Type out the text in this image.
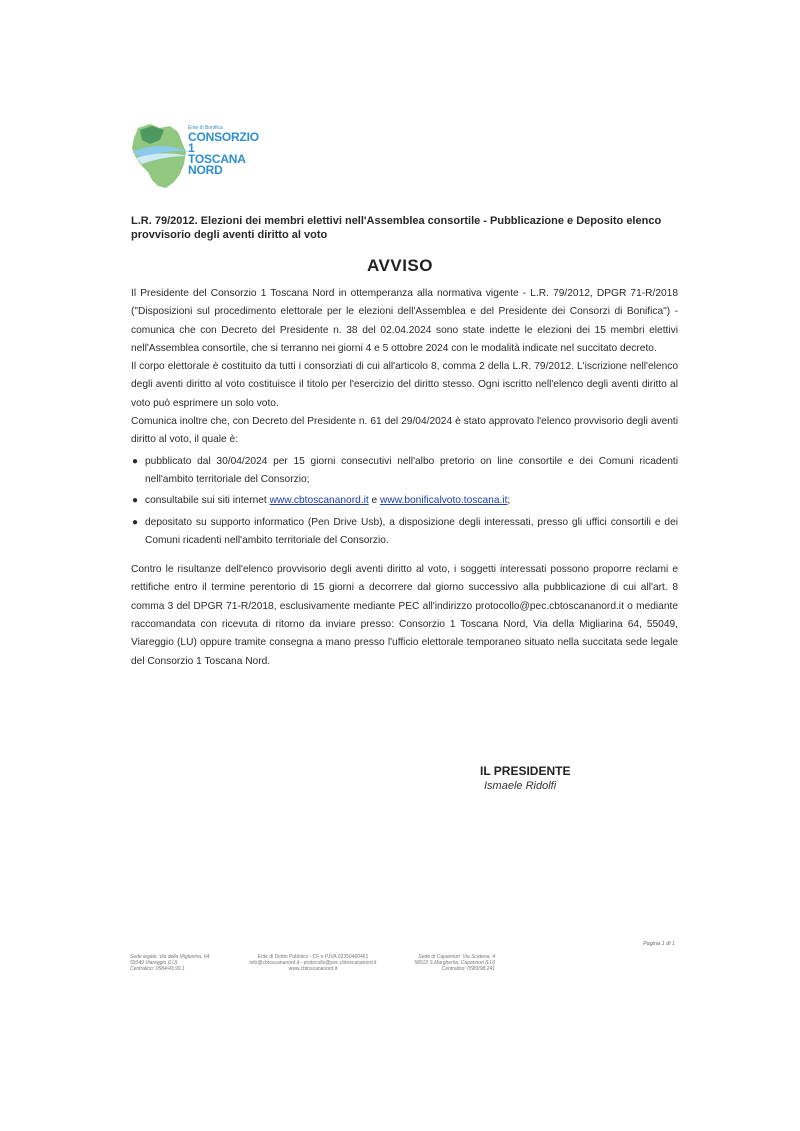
Ente di Bonifica
CONSORZIO 1
TOSCANA
NORD
L.R. 79/2012. Elezioni dei membri elettivi nell'Assemblea consortile - Pubblicazione e Deposito elenco provvisorio degli aventi diritto al voto
AVVISO

Il Presidente del Consorzio 1 Toscana Nord in ottemperanza alla normativa vigente - L.R. 79/2012, DPGR 71-R/2018 ("Disposizioni sul procedimento elettorale per le elezioni dell'Assemblea e del Presidente dei Consorzi di Bonifica") - comunica che con Decreto del Presidente n. 38 del 02.04.2024 sono state indette le elezioni dei 15 membri elettivi nell'Assemblea consortile, che si terranno nei giorni 4 e 5 ottobre 2024 con le modalità indicate nel succitato decreto.

Il corpo elettorale è costituito da tutti i consorziati di cui all'articolo 8, comma 2 della L.R. 79/2012. L'iscrizione nell'elenco degli aventi diritto al voto costituisce il titolo per l'esercizio del diritto stesso. Ogni iscritto nell'elenco degli aventi diritto al voto può esprimere un solo voto.

Comunica inoltre che, con Decreto del Presidente n. 61 del 29/04/2024 è stato approvato l'elenco provvisorio degli aventi diritto al voto, il quale è:

● pubblicato dal 30/04/2024 per 15 giorni consecutivi nell'albo pretorio on line consortile e dei Comuni ricadenti nell'ambito territoriale del Consorzio;
● consultabile sui siti internet www.cbtoscananord.it e www.bonificalvoto.toscana.it;
● depositato su supporto informatico (Pen Drive Usb), a disposizione degli interessati, presso gli uffici consortili e dei Comuni ricadenti nell'ambito territoriale del Consorzio.

Contro le risultanze dell'elenco provvisorio degli aventi diritto al voto, i soggetti interessati possono proporre reclami e rettifiche entro il termine perentorio di 15 giorni a decorrere dal giorno successivo alla pubblicazione di cui all'art. 8 comma 3 del DPGR 71-R/2018, esclusivamente mediante PEC all'indirizzo protocollo@pec.cbtoscananord.it o mediante raccomandata con ricevuta di ritorno da inviare presso: Consorzio 1 Toscana Nord, Via della Migliarina 64, 55049, Viareggio (LU) oppure tramite consegna a mano presso l'ufficio elettorale temporaneo situato nella succitata sede legale del Consorzio 1 Toscana Nord.

IL PRESIDENTE
Ismaele Ridolfi
Pagina 1 di 1
Sede legale: Via della Migliarina, 64
55049 Viareggio (LU)
Centralino: 0584/43.99.1
Ente di Diritto Pubblico - CF e P.IVA 02350460461
info@cbtoscananord.it - protocollo@pec.cbtoscananord.it
www.cbtoscananord.it
Sede di Capannori: Via Scatena, 4
58012 S.Margherita, Capannori (LU)
Centralino: 0583/98.241
